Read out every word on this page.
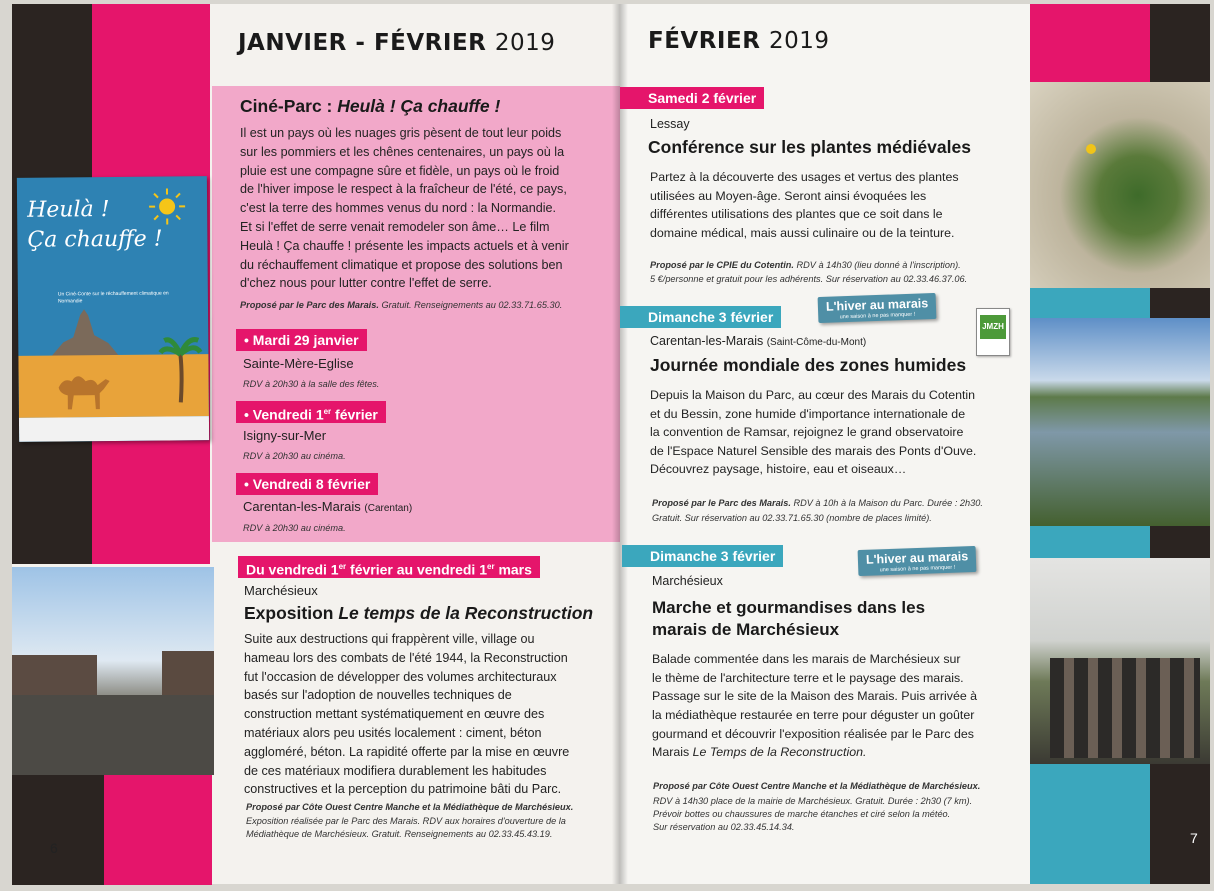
JANVIER - FÉVRIER 2019
Ciné-Parc : Heulà ! Ça chauffe !
Il est un pays où les nuages gris pèsent de tout leur poids
sur les pommiers et les chênes centenaires, un pays où la
pluie est une compagne sûre et fidèle, un pays où le froid
de l'hiver impose le respect à la fraîcheur de l'été, ce pays,
c'est la terre des hommes venus du nord : la Normandie.
Et si l'effet de serre venait remodeler son âme… Le film
Heulà ! Ça chauffe ! présente les impacts actuels et à venir
du réchauffement climatique et propose des solutions ben
d'chez nous pour lutter contre l'effet de serre.
Proposé par le Parc des Marais. Gratuit. Renseignements au 02.33.71.65.30.
• Mardi 29 janvier
Sainte-Mère-Eglise
RDV à 20h30 à la salle des fêtes.
• Vendredi 1er février
Isigny-sur-Mer
RDV à 20h30 au cinéma.
• Vendredi 8 février
Carentan-les-Marais (Carentan)
RDV à 20h30 au cinéma.
Du vendredi 1er février au vendredi 1er mars
Marchésieux
Exposition Le temps de la Reconstruction
Suite aux destructions qui frappèrent ville, village ou
hameau lors des combats de l'été 1944, la Reconstruction
fut l'occasion de développer des volumes architecturaux
basés sur l'adoption de nouvelles techniques de
construction mettant systématiquement en œuvre des
matériaux alors peu usités localement : ciment, béton
aggloméré, béton. La rapidité offerte par la mise en œuvre
de ces matériaux modifiera durablement les habitudes
constructives et la perception du patrimoine bâti du Parc.
Proposé par Côte Ouest Centre Manche et la Médiathèque de Marchésieux.
Exposition réalisée par le Parc des Marais. RDV aux horaires d'ouverture de la
Médiathèque de Marchésieux. Gratuit. Renseignements au 02.33.45.43.19.
Heulà !
Ça chauffe !
Un Ciné-Conte sur le réchauffement climatique en Normandie
6
7
FÉVRIER 2019
Samedi 2 février
Lessay
Conférence sur les plantes médiévales
Partez à la découverte des usages et vertus des plantes
utilisées au Moyen-âge. Seront ainsi évoquées les
différentes utilisations des plantes que ce soit dans le
domaine médical, mais aussi culinaire ou de la teinture.
Proposé par le CPIE du Cotentin. RDV à 14h30 (lieu donné à l'inscription).
5 €/personne et gratuit pour les adhérents. Sur réservation au 02.33.46.37.06.
Dimanche 3 février
L'hiver au marais
une saison à ne pas manquer !
JMZH
Carentan-les-Marais (Saint-Côme-du-Mont)
Journée mondiale des zones humides
Depuis la Maison du Parc, au cœur des Marais du Cotentin
et du Bessin, zone humide d'importance internationale de
la convention de Ramsar, rejoignez le grand observatoire
de l'Espace Naturel Sensible des marais des Ponts d'Ouve.
Découvrez paysage, histoire, eau et oiseaux…
Proposé par le Parc des Marais. RDV à 10h à la Maison du Parc. Durée : 2h30.
Gratuit. Sur réservation au 02.33.71.65.30 (nombre de places limité).
Dimanche 3 février	L'hiver au marais
une saison à ne pas manquer !
Marchésieux
Marche et gourmandises dans les
marais de Marchésieux
Balade commentée dans les marais de Marchésieux sur
le thème de l'architecture terre et le paysage des marais.
Passage sur le site de la Maison des Marais. Puis arrivée à
la médiathèque restaurée en terre pour déguster un goûter
gourmand et découvrir l'exposition réalisée par le Parc des
Marais Le Temps de la Reconstruction.
Proposé par Côte Ouest Centre Manche et la Médiathèque de Marchésieux.
RDV à 14h30 place de la mairie de Marchésieux. Gratuit. Durée : 2h30 (7 km).
Prévoir bottes ou chaussures de marche étanches et ciré selon la météo.
Sur réservation au 02.33.45.14.34.
